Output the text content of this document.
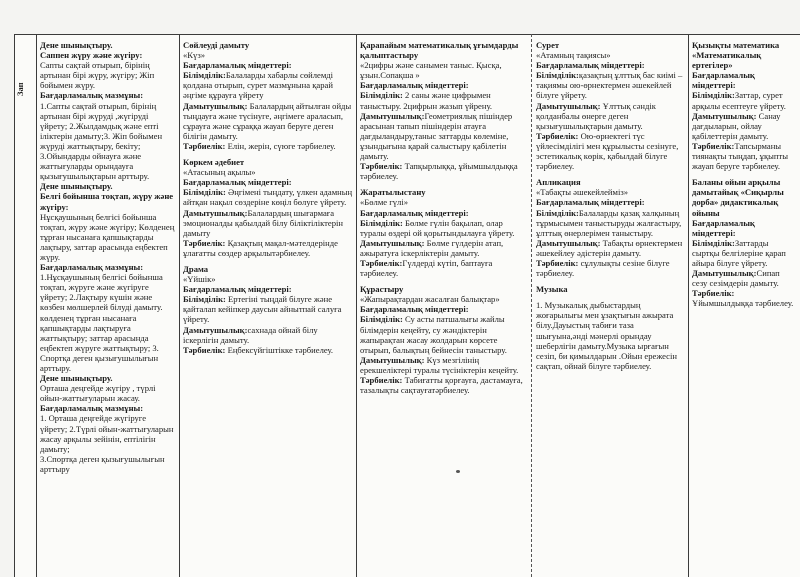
Зап

Дене шынықтыру.

Саппен жүру және жүгіру:

Сапты сақтай отырып, бірінің артынан бірі жүру, жүгіру; Жіп бойымен жүру.

Бағдарламалық мазмұны:

1.Сапты сақтай отырып, бірінің артынан бірі жүруді ,жүгіруді үйрету; 2.Жылдамдық және епті іліктерін дамыту;3. Жіп бойымен жүруді жаттықтыру, бекіту; 3.Ойындарды ойнауға және жаттығуларды орындауға қызығушылықтарын арттыру.

Дене шынықтыру.

Белгі бойынша тоқтап, жүру және жүгіру:

Нұсқаушының белгісі бойынша тоқтап, жүру және жүгіру; Көлденең тұрған нысанаға қапшықтарды лақтыру, заттар арасында еңбектеп жүру.

Бағдарламалық мазмұны:

1.Нұсқаушының белгісі бойынша тоқтап, жүруге және жүгіруге үйрету; 2.Лақтыру күшін және көзбен мөлшерлей білуді дамыту. көлденең тұрған нысанаға қапшықтарды лақтыруға жаттықтыру; заттар арасында еңбектеп жүруге жаттықтыру; 3. Спортқа деген қызығушылығын арттыру.

Дене шынықтыру.

Орташа деңгейде жүгіру , түрлі ойын-жаттығуларын жасау.

Бағдарламалық мазмұны:

1. Орташа деңгейде жүгіруге үйрету; 2.Түрлі ойын-жаттығуларын жасау арқылы зейінін, ептілігін дамыту;

3.Спортқа деген қызығушылығын арттыру

Сөйлеуді дамыту

«Күз»

Бағдарламалық міндеттері:

Білімділік:Балаларды хабарлы сөйлемді қолдана отырып, сурет мазмұнына қарай әңгіме құрауға үйрету

Дамытушылық: Балалардың айтылған ойды тыңдауға және түсінуге, әңгімеге араласып, сұрауға және сұраққа жауап беруге деген білігін дамыту.

Тәрбиелік: Елін, жерін, сүюге тәрбиелеу.

Көркем әдебиет

«Атасының ақылы»

Бағдарламалық міндеттері:

Білімділік: Әңгімені тыңдату, үлкен адамның айтқан нақыл сөздеріне көңіл бөлуге үйрету.

Дамытушылық:Балалардың шығармаға эмоционалды қабылдай білу біліктіліктерін дамыту

Тәрбиелік: Қазақтың мақал-мәтелдерінде ұлағатты сөздер арқылытәрбиелеу.

Драма

«Үйшік»

Бағдарламалық міндеттері:

Білімділік: Ертегіні тыңдай білуге және қайталап кейіпкер даусын айнытпай салуға үйрету.

Дамытушылық:сахнада ойнай білу іскерлігін дамыту.

Тәрбиелік: Еңбексүйгіштікке тәрбиелеу.

Қарапайым математикалық ұғымдарды қалыптастыру

«2цифры және санымен таныс. Қысқа, ұзын.Сопақша »

Бағдарламалық міндеттері:

Білімділік: 2 саны және цифрымен таныстыру. 2цифрын жазып үйрену.

Дамытушылық:Геометриялық пішіндер арасынан тапып пішіндерін атауға дағдыландыру,таныс заттарды көлеміне, ұзындығына қарай салыстыру қабілетін дамыту.

Тәрбиелік: Тапқырлыққа, ұйымшылдыққа тәрбиелеу.

Жаратылыстану

«Бөлме гүлі»

Бағдарламалық міндеттері:

Білімділік: Бөлме гүлін бақылап, олар туралы өздері ой қорытындылауға үйрету.

Дамытушылық: Бөлме гүлдерін атап, ажыратуға іскерліктерін дамыту.

Тәрбиелік:Гүлдерді күтіп, баптауға тәрбиелеу.

Құрастыру

«Жапырақтардан жасалған балықтар»

Бағдарламалық міндеттері:

Білімділік: Су асты патшалығы жайлы білімдерін кеңейту, су жәндіктерін жапырақтан жасау жолдарын көрсете отырып, балықтың бейнесін таныстыру.

Дамытушылық: Күз мезгілінің ерекшеліктері туралы түсініктерін кеңейту.

Тәрбиелік: Табиғатты қорғауға, дастамауға, тазалықты сақтауғатәрбиелеу.

Сурет

«Атамның тақиясы»

Бағдарламалық міндеттері:

Білімділік:қазақтың ұлттық бас киімі – тақиямы ою-өрнектермен әшекейлей білуге үйрету.

Дамытушылық: Ұлттық сәндік қолданбалы өнерге деген қызығушылықтарын дамыту.

Тәрбиелік: Ою-өрнектегі түс үйлесімділігі мен құрылысты сезінуге, эстетикалық көрік, қабылдай білуге тәрбиелеу.

Апликация

«Табақты әшекейлейміз»

Бағдарламалық міндеттері:

Білімділік:Балаларды қазақ халқының тұрмысымен таныстыруды жалғастыру, ұлттық өнерлерімен таныстыру.

Дамытушылық: Табақты өрнектермен әшекейлеу әдістерін дамыту.

Тәрбиелік: сұлулықты сезіне білуге тәрбиелеу.

Музыка

1. Музыкалық дыбыстардың жоғарылығы мен ұзақтығын ажырата білу.Дауыстың табиғи таза шығуына,әнді мәнерлі орындау шеберлігін дамыту.Музыка ырғағын сезіп, би қимылдарын .Ойын ережесін сақтап, ойнай білуге тәрбиелеу.

Қызықты математика «Математикалық ертегілер»

Бағдарламалық міндеттері:

Білімділік:Заттар, сурет арқылы есептеуге үйрету.

Дамытушылық: Санау дағдыларын, ойлау қабілеттерін дамыту.

Тәрбиелік:Тапсырманы тиянақты тыңдап, ұқыпты жауап беруге тәрбиелеу.

Баланы ойын арқылы дамытайық «Сиқырлы дорба» дидактикалық ойыны

Бағдарламалық міндеттері:

Білімділік:Заттарды сыртқы белгілеріне қарап айыра білуге үйрету.

Дамытушылық:Сипап сезу сезімдерін дамыту.

Тәрбиелік: Ұйымшылдыққа тәрбиелеу.
